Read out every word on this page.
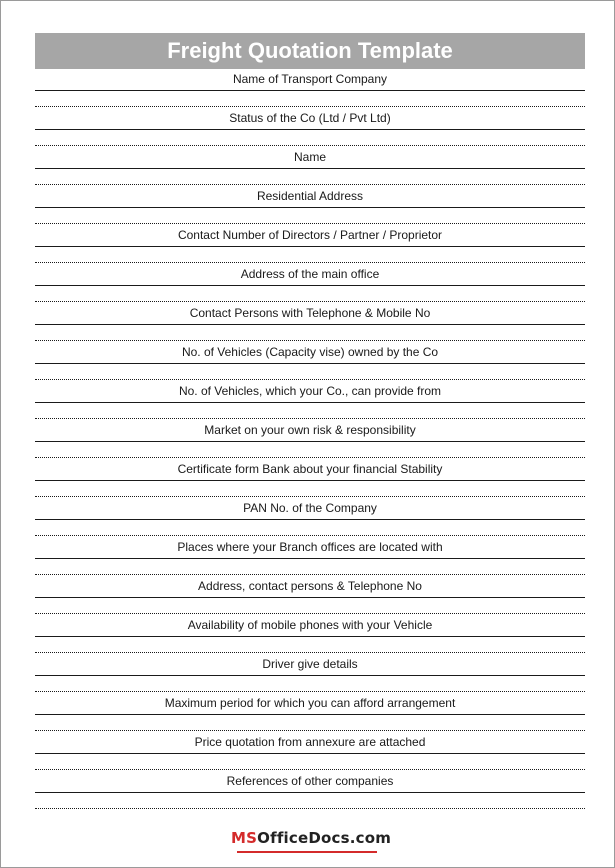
Freight Quotation Template
Name of Transport Company
Status of the Co (Ltd / Pvt Ltd)
Name
Residential Address
Contact Number of Directors / Partner / Proprietor
Address of the main office
Contact Persons with Telephone & Mobile No
No. of Vehicles (Capacity vise) owned by the Co
No. of Vehicles, which your Co., can provide from
Market on your own risk & responsibility
Certificate form Bank about your financial Stability
PAN No. of the Company
Places where your Branch offices are located with
Address, contact persons & Telephone No
Availability of mobile phones with your Vehicle
Driver give details
Maximum period for which you can afford arrangement
Price quotation from annexure are attached
References of other companies
MSOfficeDocs.com
